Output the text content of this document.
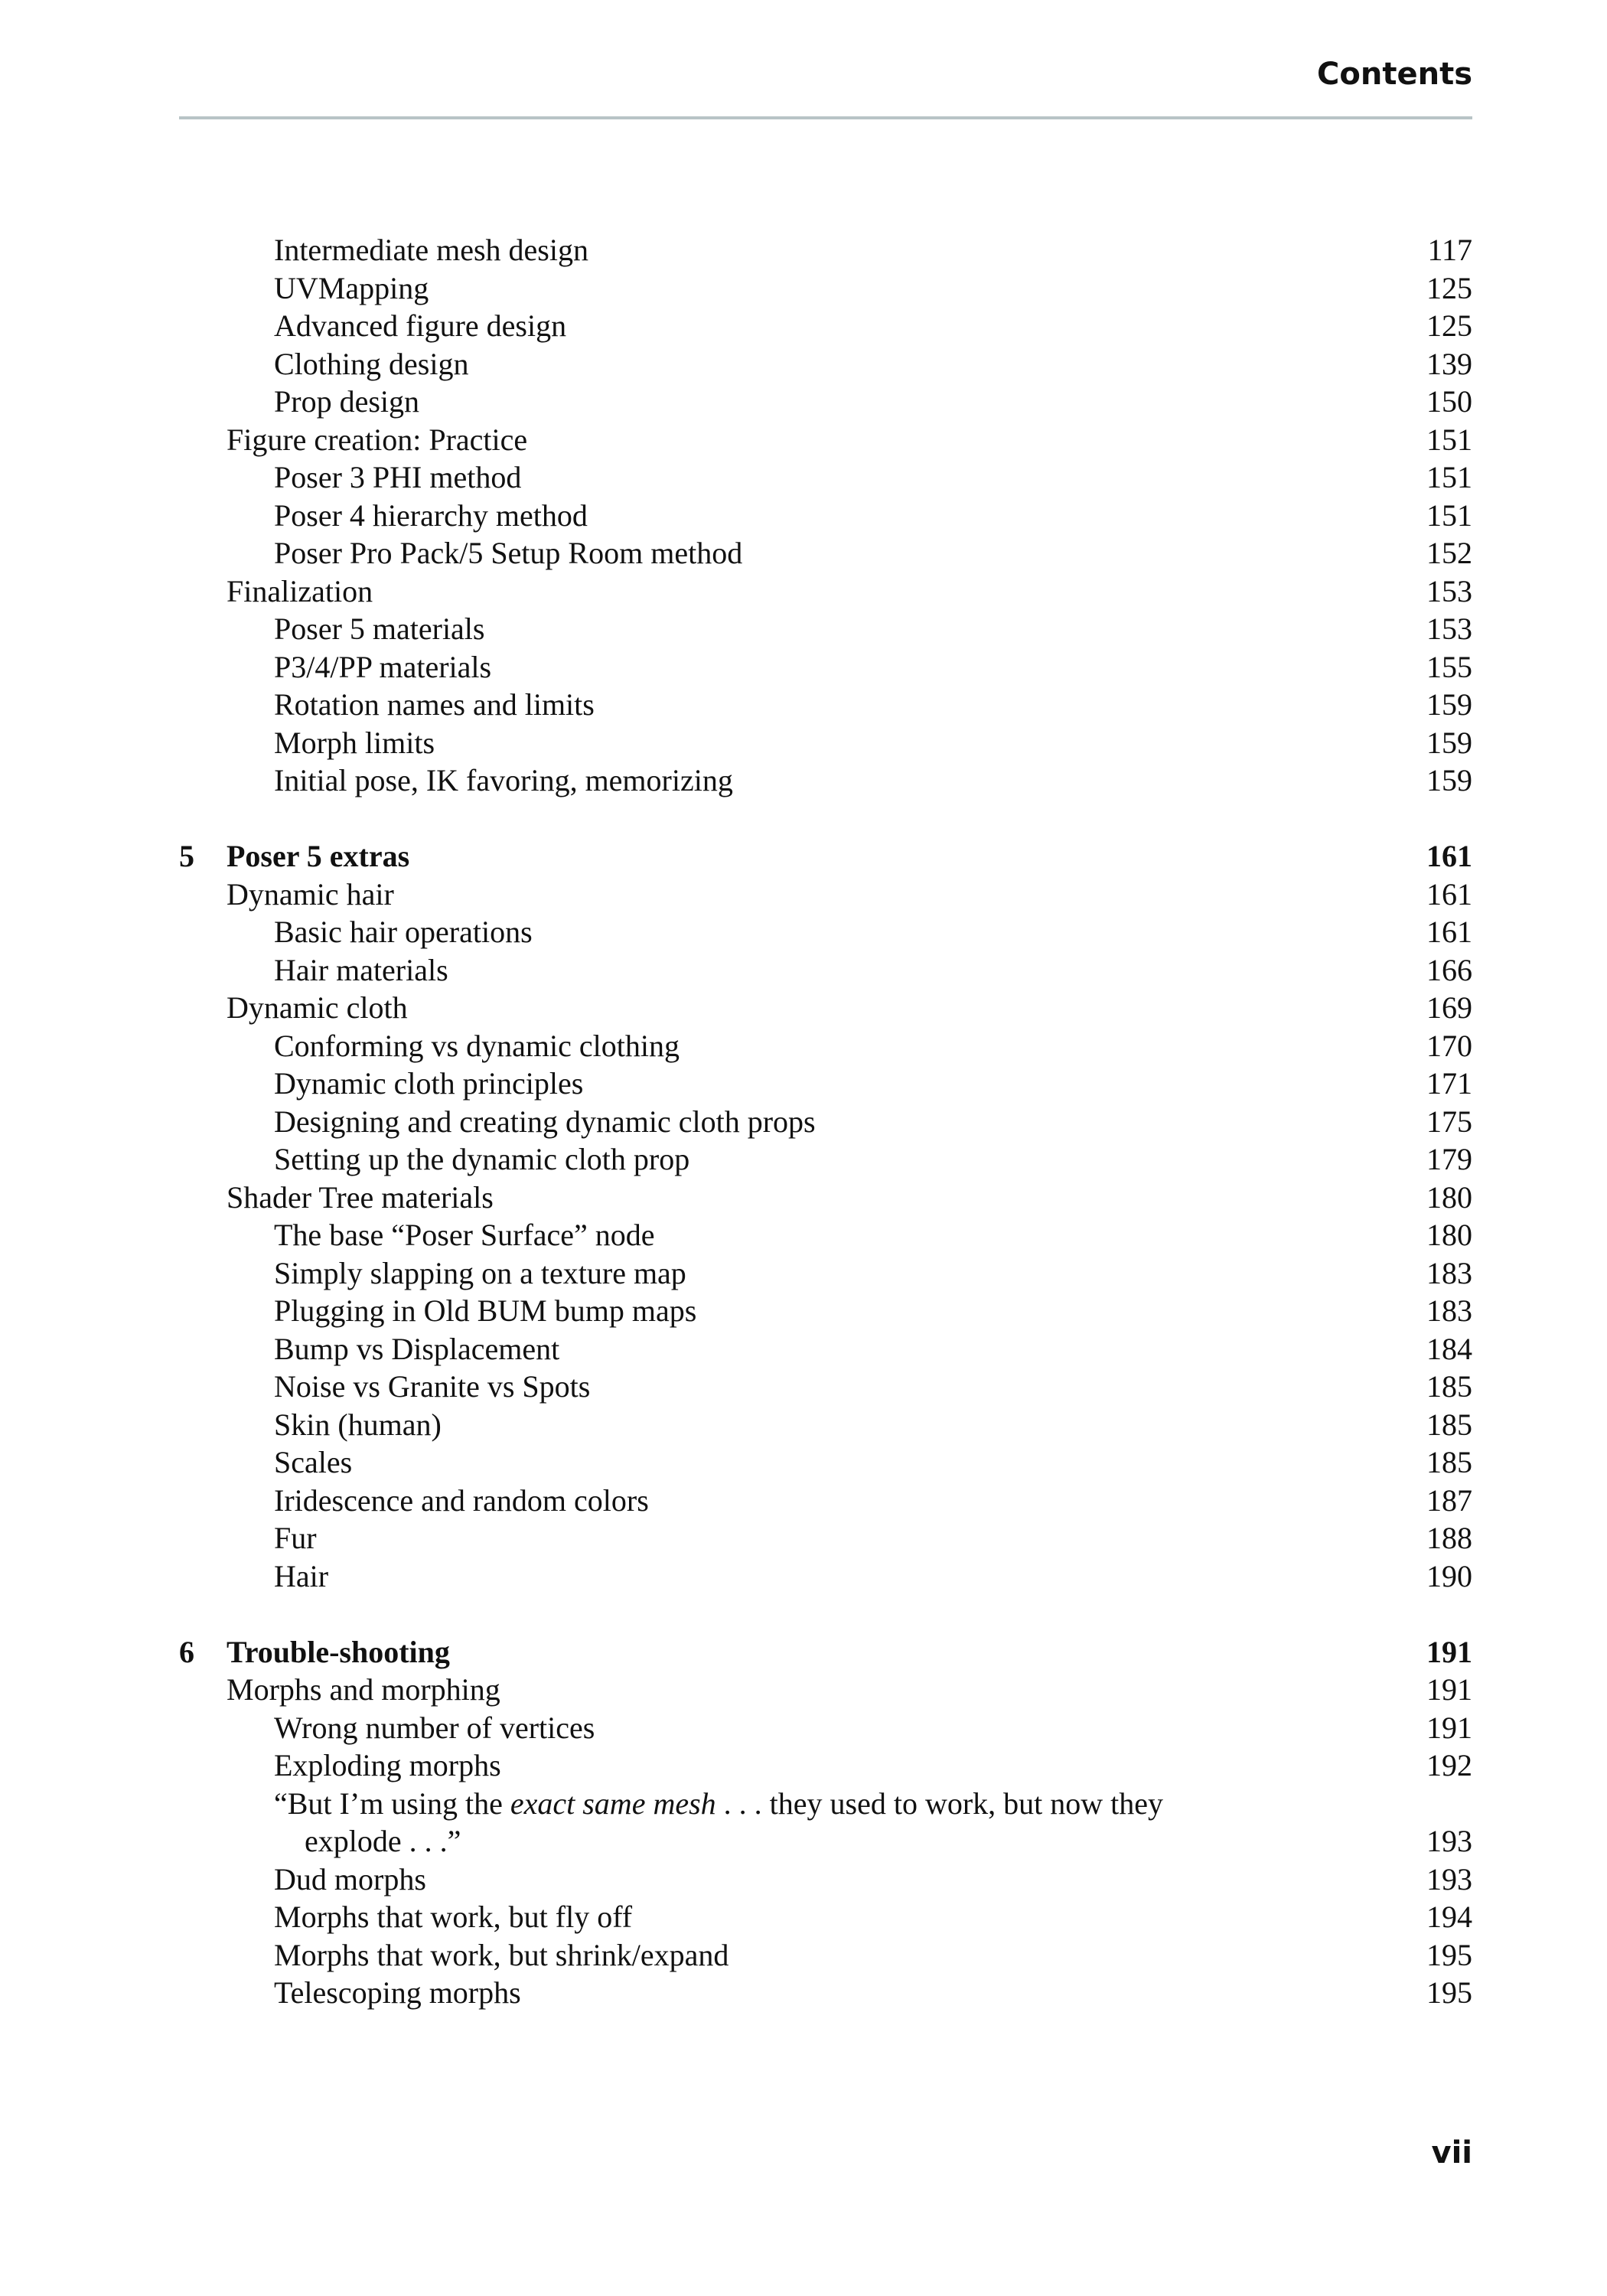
Contents
Intermediate mesh design	117
UVMapping	125
Advanced figure design	125
Clothing design	139
Prop design	150
Figure creation: Practice	151
Poser 3 PHI method	151
Poser 4 hierarchy method	151
Poser Pro Pack/5 Setup Room method	152
Finalization	153
Poser 5 materials	153
P3/4/PP materials	155
Rotation names and limits	159
Morph limits	159
Initial pose, IK favoring, memorizing	159
5 Poser 5 extras	161
Dynamic hair	161
Basic hair operations	161
Hair materials	166
Dynamic cloth	169
Conforming vs dynamic clothing	170
Dynamic cloth principles	171
Designing and creating dynamic cloth props	175
Setting up the dynamic cloth prop	179
Shader Tree materials	180
The base “Poser Surface” node	180
Simply slapping on a texture map	183
Plugging in Old BUM bump maps	183
Bump vs Displacement	184
Noise vs Granite vs Spots	185
Skin (human)	185
Scales	185
Iridescence and random colors	187
Fur	188
Hair	190
6 Trouble-shooting	191
Morphs and morphing	191
Wrong number of vertices	191
Exploding morphs	192
“But I’m using the exact same mesh . . . they used to work, but now they
explode . . .”	193
Dud morphs	193
Morphs that work, but fly off	194
Morphs that work, but shrink/expand	195
Telescoping morphs	195
vii
